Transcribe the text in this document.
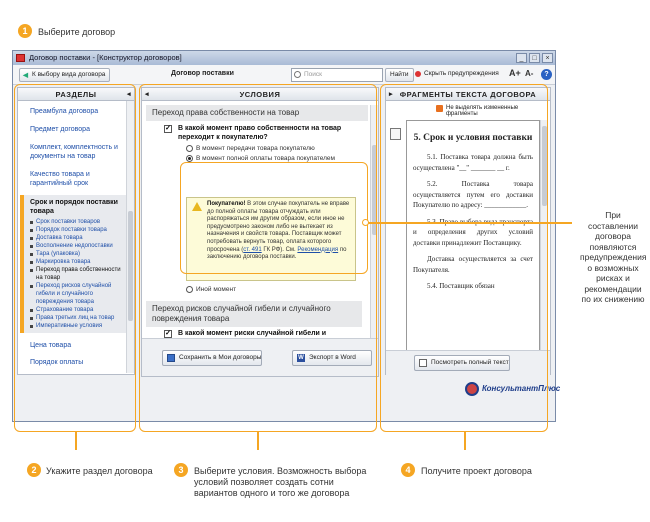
1	Выберите договор
Договор поставки - [Конструктор договоров]	_	□	×
◀ К выбору вида договора	Договор поставки	Поиск	Найти	Скрыть предупреждения A+ A-	?
РАЗДЕЛЫ	◂
Преамбула договора
Предмет договора
Комплект, комплектность и документы на товар
Качество товара и гарантийный срок
Срок и порядок поставки товара
Срок поставки товаров
Порядок поставки товара
Доставка товара
Восполнение недопоставки
Тара (упаковка)
Маркировка товара
Переход права собственности на товар
Переход рисков случайной гибели и случайного повреждения товара
Страхование товара
Права третьих лиц на товар
Императивные условия
Цена товара
Порядок оплаты
◂	УСЛОВИЯ
Переход права собственности на товар
✓ В какой момент право собственности на товар переходит к покупателю?
В момент передачи товара покупателю
В момент полной оплаты товара покупателем
Иной момент
Переход рисков случайной гибели и случайного повреждения товара
✓ В какой момент риски случайной гибели и
Покупателю! В этом случае покупатель не вправе до полной оплаты товара отчуждать или распоряжаться им другим образом, если иное не предусмотрено законом либо не вытекает из назначения и свойств товара. Поставщик может потребовать вернуть товар, оплата которого просрочена (ст. 491 ГК РФ). См. Рекомендация по заключению договора поставки.
Сохранить в Мои договоры	W Экспорт в Word
▸ ФРАГМЕНТЫ ТЕКСТА ДОГОВОРА
Не выделять измененные фрагменты
5. Срок и условия поставки

5.1. Поставка товара должна быть осуществлена "__" _______ __ г.

5.2. Поставка товара осуществляется путем его доставки Покупателю по адресу: ____________.

и определения других условий доставки принадлежит Поставщику.

Доставка осуществляется за счет Покупателя.

5.4. Поставщик обязан

Посмотреть полный текст
КонсультантПлюс
При составлении договора появляются предупреждения о возможных рисках и рекомендации по их снижению
2	Укажите раздел договора	3	Выберите условия. Возможность выбора условий позволяет создать сотни вариантов одного и того же договора
4	Получите проект договора
